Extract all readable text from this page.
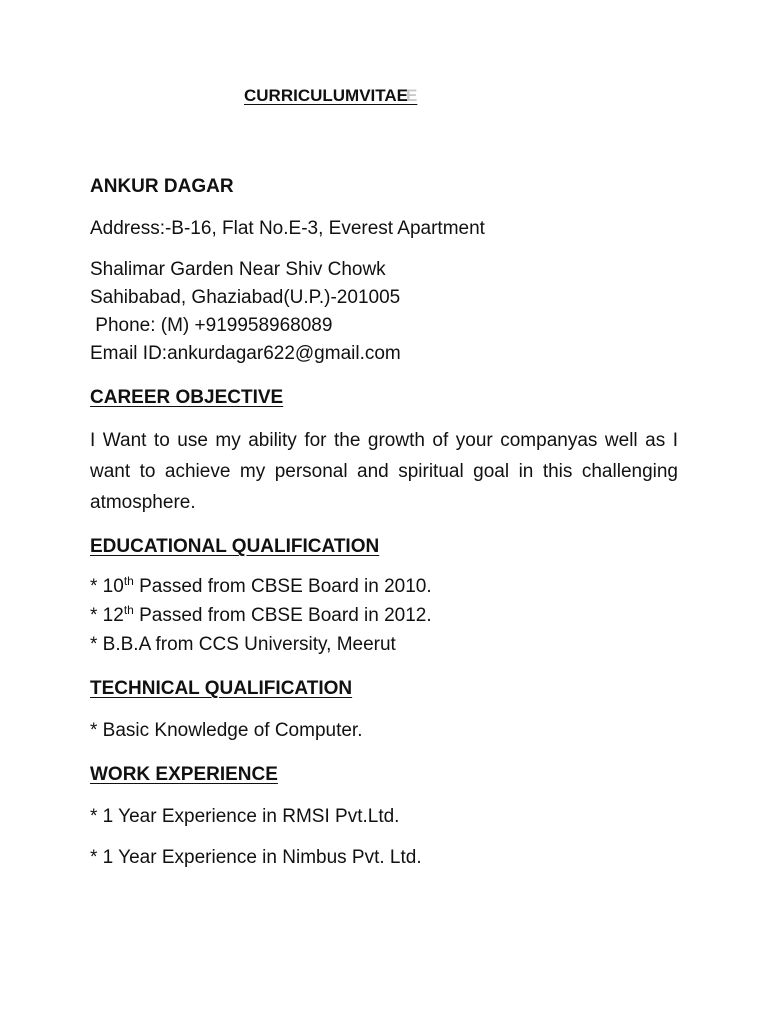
CURRICULUMVITAEE
ANKUR DAGAR
Address:-B-16, Flat No.E-3, Everest Apartment
Shalimar Garden Near Shiv Chowk
Sahibabad, Ghaziabad(U.P.)-201005
Phone: (M) +919958968089
Email ID:ankurdagar622@gmail.com
CAREER OBJECTIVE
I Want to use my ability for the growth of your companyas well as I want to achieve my personal and spiritual goal in this challenging atmosphere.
EDUCATIONAL QUALIFICATION
* 10th Passed from CBSE Board in 2010.
* 12th Passed from CBSE Board in 2012.
* B.B.A from CCS University, Meerut
TECHNICAL QUALIFICATION
* Basic Knowledge of Computer.
WORK EXPERIENCE
* 1 Year Experience in RMSI Pvt.Ltd.
* 1 Year Experience in Nimbus Pvt. Ltd.
